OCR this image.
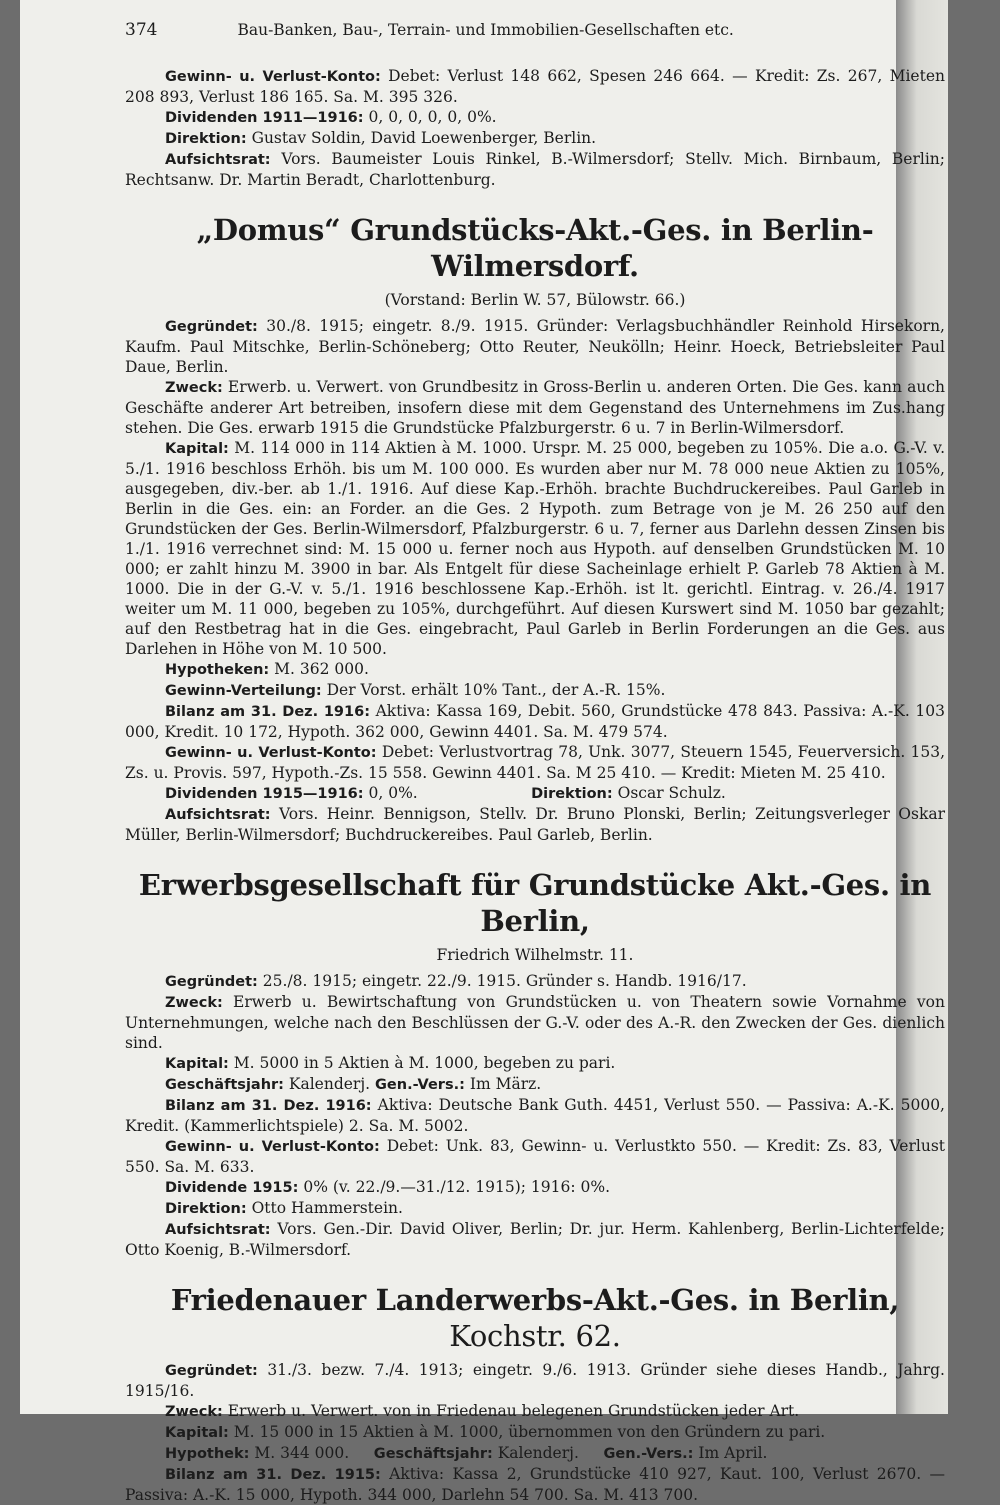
374	Bau-Banken, Bau-, Terrain- und Immobilien-Gesellschaften etc.

Gewinn- u. Verlust-Konto: Debet: Verlust 148 662, Spesen 246 664. — Kredit: Zs. 267, Mieten 208 893, Verlust 186 165. Sa. M. 395 326.

Dividenden 1911—1916: 0, 0, 0, 0, 0, 0%.

Direktion: Gustav Soldin, David Loewenberger, Berlin.

Aufsichtsrat: Vors. Baumeister Louis Rinkel, B.-Wilmersdorf; Stellv. Mich. Birnbaum, Berlin; Rechtsanw. Dr. Martin Beradt, Charlottenburg.

„Domus“ Grundstücks-Akt.-Ges. in Berlin-Wilmersdorf.
(Vorstand: Berlin W. 57, Bülowstr. 66.)

Gegründet: 30./8. 1915; eingetr. 8./9. 1915. Gründer: Verlagsbuchhändler Reinhold Hirsekorn, Kaufm. Paul Mitschke, Berlin-Schöneberg; Otto Reuter, Neukölln; Heinr. Hoeck, Betriebsleiter Paul Daue, Berlin.

Zweck: Erwerb. u. Verwert. von Grundbesitz in Gross-Berlin u. anderen Orten. Die Ges. kann auch Geschäfte anderer Art betreiben, insofern diese mit dem Gegenstand des Unternehmens im Zus.hang stehen. Die Ges. erwarb 1915 die Grundstücke Pfalzburgerstr. 6 u. 7 in Berlin-Wilmersdorf.

Kapital: M. 114 000 in 114 Aktien à M. 1000. Urspr. M. 25 000, begeben zu 105%. Die a.o. G.-V. v. 5./1. 1916 beschloss Erhöh. bis um M. 100 000. Es wurden aber nur M. 78 000 neue Aktien zu 105%, ausgegeben, div.-ber. ab 1./1. 1916. Auf diese Kap.-Erhöh. brachte Buchdruckereibes. Paul Garleb in Berlin in die Ges. ein: an Forder. an die Ges. 2 Hypoth. zum Betrage von je M. 26 250 auf den Grundstücken der Ges. Berlin-Wilmersdorf, Pfalzburgerstr. 6 u. 7, ferner aus Darlehn dessen Zinsen bis 1./1. 1916 verrechnet sind: M. 15 000 u. ferner noch aus Hypoth. auf denselben Grundstücken M. 10 000; er zahlt hinzu M. 3900 in bar. Als Entgelt für diese Sacheinlage erhielt P. Garleb 78 Aktien à M. 1000. Die in der G.-V. v. 5./1. 1916 beschlossene Kap.-Erhöh. ist lt. gerichtl. Eintrag. v. 26./4. 1917 weiter um M. 11 000, begeben zu 105%, durchgeführt. Auf diesen Kurswert sind M. 1050 bar gezahlt; auf den Restbetrag hat in die Ges. eingebracht, Paul Garleb in Berlin Forderungen an die Ges. aus Darlehen in Höhe von M. 10 500.

Hypotheken: M. 362 000.

Gewinn-Verteilung: Der Vorst. erhält 10% Tant., der A.-R. 15%.

Bilanz am 31. Dez. 1916: Aktiva: Kassa 169, Debit. 560, Grundstücke 478 843. Passiva: A.-K. 103 000, Kredit. 10 172, Hypoth. 362 000, Gewinn 4401. Sa. M. 479 574.

Gewinn- u. Verlust-Konto: Debet: Verlustvortrag 78, Unk. 3077, Steuern 1545, Feuerversich. 153, Zs. u. Provis. 597, Hypoth.-Zs. 15 558. Gewinn 4401. Sa. M 25 410. — Kredit: Mieten M. 25 410.

Dividenden 1915—1916: 0, 0%.	Direktion: Oscar Schulz.

Aufsichtsrat: Vors. Heinr. Bennigson, Stellv. Dr. Bruno Plonski, Berlin; Zeitungsverleger Oskar Müller, Berlin-Wilmersdorf; Buchdruckereibes. Paul Garleb, Berlin.

Erwerbsgesellschaft für Grundstücke Akt.-Ges. in Berlin,
Friedrich Wilhelmstr. 11.

Gegründet: 25./8. 1915; eingetr. 22./9. 1915. Gründer s. Handb. 1916/17.

Zweck: Erwerb u. Bewirtschaftung von Grundstücken u. von Theatern sowie Vornahme von Unternehmungen, welche nach den Beschlüssen der G.-V. oder des A.-R. den Zwecken der Ges. dienlich sind.

Kapital: M. 5000 in 5 Aktien à M. 1000, begeben zu pari.

Geschäftsjahr: Kalenderj. Gen.-Vers.: Im März.

Bilanz am 31. Dez. 1916: Aktiva: Deutsche Bank Guth. 4451, Verlust 550. — Passiva: A.-K. 5000, Kredit. (Kammerlichtspiele) 2. Sa. M. 5002.

Gewinn- u. Verlust-Konto: Debet: Unk. 83, Gewinn- u. Verlustkto 550. — Kredit: Zs. 83, Verlust 550. Sa. M. 633.

Dividende 1915: 0% (v. 22./9.—31./12. 1915); 1916: 0%.

Direktion: Otto Hammerstein.

Aufsichtsrat: Vors. Gen.-Dir. David Oliver, Berlin; Dr. jur. Herm. Kahlenberg, Berlin-Lichterfelde; Otto Koenig, B.-Wilmersdorf.

Friedenauer Landerwerbs-Akt.-Ges. in Berlin, Kochstr. 62.

Gegründet: 31./3. bezw. 7./4. 1913; eingetr. 9./6. 1913. Gründer siehe dieses Handb., Jahrg. 1915/16.

Zweck: Erwerb u. Verwert. von in Friedenau belegenen Grundstücken jeder Art.

Kapital: M. 15 000 in 15 Aktien à M. 1000, übernommen von den Gründern zu pari.

Hypothek: M. 344 000. Geschäftsjahr: Kalenderj. Gen.-Vers.: Im April.

Bilanz am 31. Dez. 1915: Aktiva: Kassa 2, Grundstücke 410 927, Kaut. 100, Verlust 2670. — Passiva: A.-K. 15 000, Hypoth. 344 000, Darlehn 54 700. Sa. M. 413 700.
